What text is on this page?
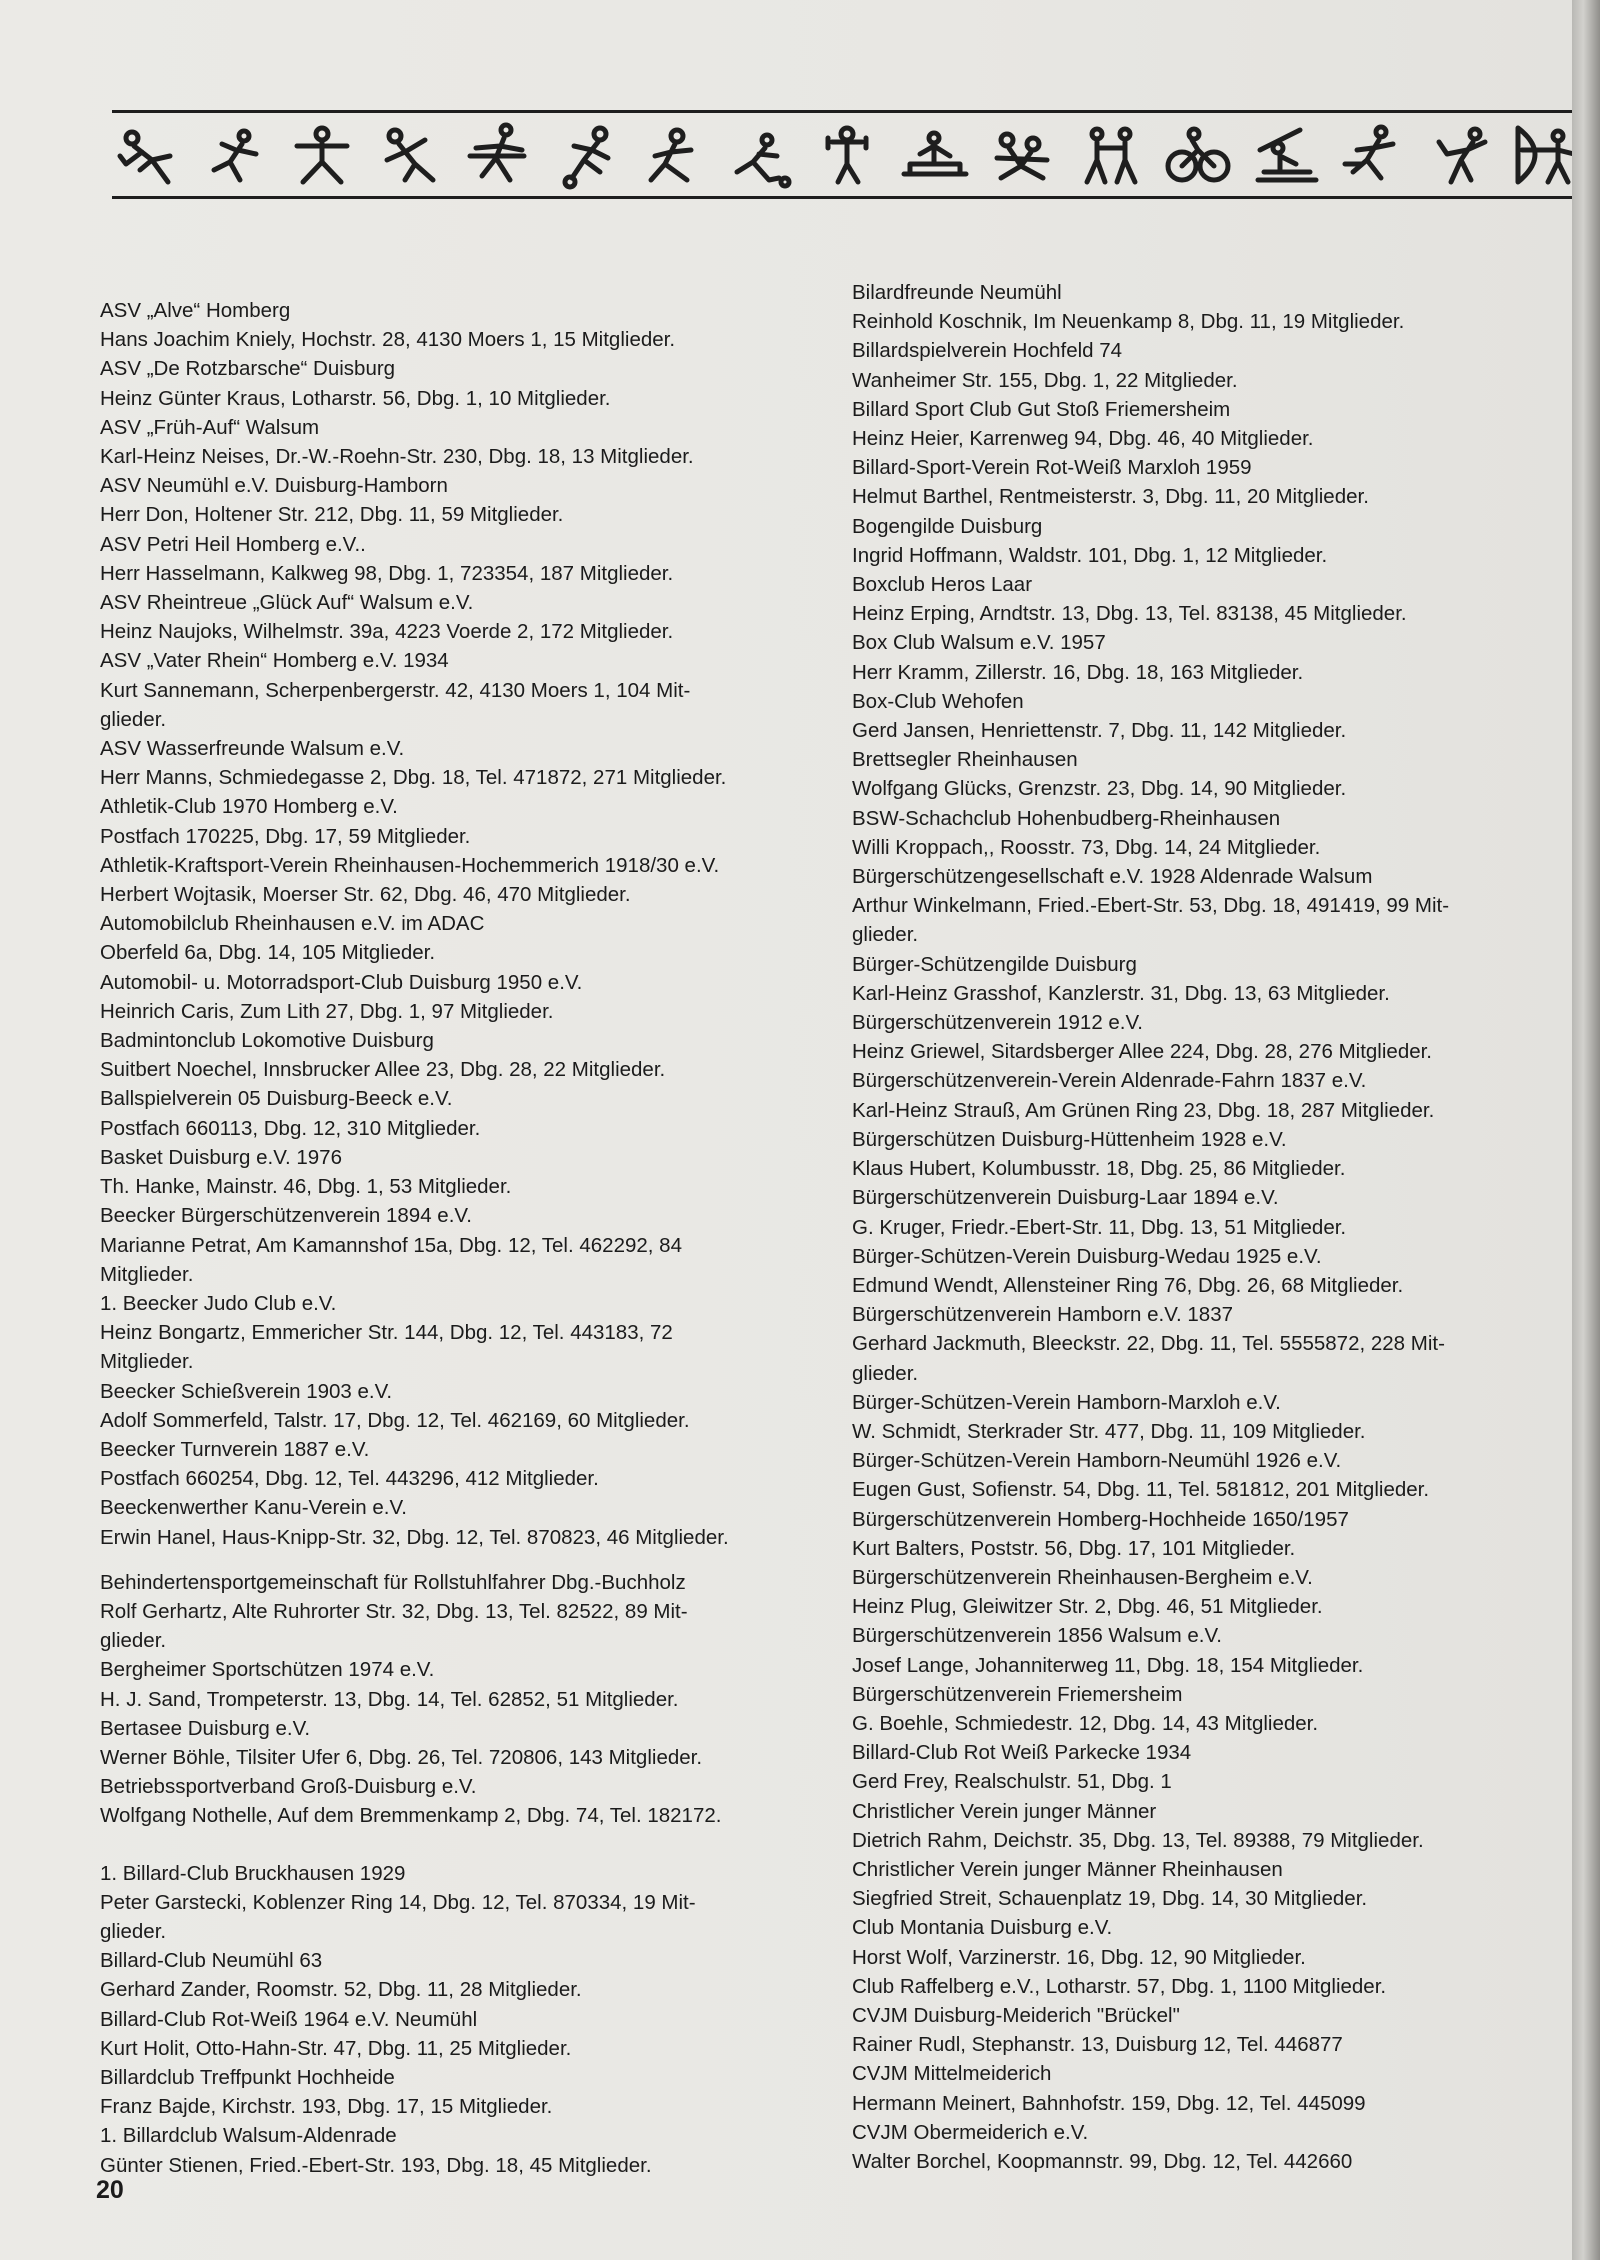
ASV „Alve“ Homberg
Hans Joachim Kniely, Hochstr. 28, 4130 Moers 1, 15 Mitglieder.
ASV „De Rotzbarsche“ Duisburg
Heinz Günter Kraus, Lotharstr. 56, Dbg. 1, 10 Mitglieder.
ASV „Früh-Auf“ Walsum
Karl-Heinz Neises, Dr.-W.-Roehn-Str. 230, Dbg. 18, 13 Mitglieder.
ASV Neumühl e.V. Duisburg-Hamborn
Herr Don, Holtener Str. 212, Dbg. 11, 59 Mitglieder.
ASV Petri Heil Homberg e.V..
Herr Hasselmann, Kalkweg 98, Dbg. 1, 723354, 187 Mitglieder.
ASV Rheintreue „Glück Auf“ Walsum e.V.
Heinz Naujoks, Wilhelmstr. 39a, 4223 Voerde 2, 172 Mitglieder.
ASV „Vater Rhein“ Homberg e.V. 1934
Kurt Sannemann, Scherpenbergerstr. 42, 4130 Moers 1, 104 Mit-
glieder.
ASV Wasserfreunde Walsum e.V.
Herr Manns, Schmiedegasse 2, Dbg. 18, Tel. 471872, 271 Mitglieder.
Athletik-Club 1970 Homberg e.V.
Postfach 170225, Dbg. 17, 59 Mitglieder.
Athletik-Kraftsport-Verein Rheinhausen-Hochemmerich 1918/30 e.V.
Herbert Wojtasik, Moerser Str. 62, Dbg. 46, 470 Mitglieder.
Automobilclub Rheinhausen e.V. im ADAC
Oberfeld 6a, Dbg. 14, 105 Mitglieder.
Automobil- u. Motorradsport-Club Duisburg 1950 e.V.
Heinrich Caris, Zum Lith 27, Dbg. 1, 97 Mitglieder.
Badmintonclub Lokomotive Duisburg
Suitbert Noechel, Innsbrucker Allee 23, Dbg. 28, 22 Mitglieder.
Ballspielverein 05 Duisburg-Beeck e.V.
Postfach 660113, Dbg. 12, 310 Mitglieder.
Basket Duisburg e.V. 1976
Th. Hanke, Mainstr. 46, Dbg. 1, 53 Mitglieder.
Beecker Bürgerschützenverein 1894 e.V.
Marianne Petrat, Am Kamannshof 15a, Dbg. 12, Tel. 462292, 84
Mitglieder.
1. Beecker Judo Club e.V.
Heinz Bongartz, Emmericher Str. 144, Dbg. 12, Tel. 443183, 72
Mitglieder.
Beecker Schießverein 1903 e.V.
Adolf Sommerfeld, Talstr. 17, Dbg. 12, Tel. 462169, 60 Mitglieder.
Beecker Turnverein 1887 e.V.
Postfach 660254, Dbg. 12, Tel. 443296, 412 Mitglieder.
Beeckenwerther Kanu-Verein e.V.
Erwin Hanel, Haus-Knipp-Str. 32, Dbg. 12, Tel. 870823, 46 Mitglieder.
Behindertensportgemeinschaft für Rollstuhlfahrer Dbg.-Buchholz
Rolf Gerhartz, Alte Ruhrorter Str. 32, Dbg. 13, Tel. 82522, 89 Mit-
glieder.
Bergheimer Sportschützen 1974 e.V.
H. J. Sand, Trompeterstr. 13, Dbg. 14, Tel. 62852, 51 Mitglieder.
Bertasee Duisburg e.V.
Werner Böhle, Tilsiter Ufer 6, Dbg. 26, Tel. 720806, 143 Mitglieder.
Betriebssportverband Groß-Duisburg e.V.
Wolfgang Nothelle, Auf dem Bremmenkamp 2, Dbg. 74, Tel. 182172.
1. Billard-Club Bruckhausen 1929
Peter Garstecki, Koblenzer Ring 14, Dbg. 12, Tel. 870334, 19 Mit-
glieder.
Billard-Club Neumühl 63
Gerhard Zander, Roomstr. 52, Dbg. 11, 28 Mitglieder.
Billard-Club Rot-Weiß 1964 e.V. Neumühl
Kurt Holit, Otto-Hahn-Str. 47, Dbg. 11, 25 Mitglieder.
Billardclub Treffpunkt Hochheide
Franz Bajde, Kirchstr. 193, Dbg. 17, 15 Mitglieder.
1. Billardclub Walsum-Aldenrade
Günter Stienen, Fried.-Ebert-Str. 193, Dbg. 18, 45 Mitglieder.
Bilardfreunde Neumühl
Reinhold Koschnik, Im Neuenkamp 8, Dbg. 11, 19 Mitglieder.
Billardspielverein Hochfeld 74
Wanheimer Str. 155, Dbg. 1, 22 Mitglieder.
Billard Sport Club Gut Stoß Friemersheim
Heinz Heier, Karrenweg 94, Dbg. 46, 40 Mitglieder.
Billard-Sport-Verein Rot-Weiß Marxloh 1959
Helmut Barthel, Rentmeisterstr. 3, Dbg. 11, 20 Mitglieder.
Bogengilde Duisburg
Ingrid Hoffmann, Waldstr. 101, Dbg. 1, 12 Mitglieder.
Boxclub Heros Laar
Heinz Erping, Arndtstr. 13, Dbg. 13, Tel. 83138, 45 Mitglieder.
Box Club Walsum e.V. 1957
Herr Kramm, Zillerstr. 16, Dbg. 18, 163 Mitglieder.
Box-Club Wehofen
Gerd Jansen, Henriettenstr. 7, Dbg. 11, 142 Mitglieder.
Brettsegler Rheinhausen
Wolfgang Glücks, Grenzstr. 23, Dbg. 14, 90 Mitglieder.
BSW-Schachclub Hohenbudberg-Rheinhausen
Willi Kroppach,, Roosstr. 73, Dbg. 14, 24 Mitglieder.
Bürgerschützengesellschaft e.V. 1928 Aldenrade Walsum
Arthur Winkelmann, Fried.-Ebert-Str. 53, Dbg. 18, 491419, 99 Mit-
glieder.
Bürger-Schützengilde Duisburg
Karl-Heinz Grasshof, Kanzlerstr. 31, Dbg. 13, 63 Mitglieder.
Bürgerschützenverein 1912 e.V.
Heinz Griewel, Sitardsberger Allee 224, Dbg. 28, 276 Mitglieder.
Bürgerschützenverein-Verein Aldenrade-Fahrn 1837 e.V.
Karl-Heinz Strauß, Am Grünen Ring 23, Dbg. 18, 287 Mitglieder.
Bürgerschützen Duisburg-Hüttenheim 1928 e.V.
Klaus Hubert, Kolumbusstr. 18, Dbg. 25, 86 Mitglieder.
Bürgerschützenverein Duisburg-Laar 1894 e.V.
G. Kruger, Friedr.-Ebert-Str. 11, Dbg. 13, 51 Mitglieder.
Bürger-Schützen-Verein Duisburg-Wedau 1925 e.V.
Edmund Wendt, Allensteiner Ring 76, Dbg. 26, 68 Mitglieder.
Bürgerschützenverein Hamborn e.V. 1837
Gerhard Jackmuth, Bleeckstr. 22, Dbg. 11, Tel. 5555872, 228 Mit-
glieder.
Bürger-Schützen-Verein Hamborn-Marxloh e.V.
W. Schmidt, Sterkrader Str. 477, Dbg. 11, 109 Mitglieder.
Bürger-Schützen-Verein Hamborn-Neumühl 1926 e.V.
Eugen Gust, Sofienstr. 54, Dbg. 11, Tel. 581812, 201 Mitglieder.
Bürgerschützenverein Homberg-Hochheide 1650/1957
Kurt Balters, Poststr. 56, Dbg. 17, 101 Mitglieder.
Bürgerschützenverein Rheinhausen-Bergheim e.V.
Heinz Plug, Gleiwitzer Str. 2, Dbg. 46, 51 Mitglieder.
Bürgerschützenverein 1856 Walsum e.V.
Josef Lange, Johanniterweg 11, Dbg. 18, 154 Mitglieder.
Bürgerschützenverein Friemersheim
G. Boehle, Schmiedestr. 12, Dbg. 14, 43 Mitglieder.
Billard-Club Rot Weiß Parkecke 1934
Gerd Frey, Realschulstr. 51, Dbg. 1
Christlicher Verein junger Männer
Dietrich Rahm, Deichstr. 35, Dbg. 13, Tel. 89388, 79 Mitglieder.
Christlicher Verein junger Männer Rheinhausen
Siegfried Streit, Schauenplatz 19, Dbg. 14, 30 Mitglieder.
Club Montania Duisburg e.V.
Horst Wolf, Varzinerstr. 16, Dbg. 12, 90 Mitglieder.
Club Raffelberg e.V., Lotharstr. 57, Dbg. 1, 1100 Mitglieder.
CVJM Duisburg-Meiderich "Brückel"
Rainer Rudl, Stephanstr. 13, Duisburg 12, Tel. 446877
CVJM Mittelmeiderich
Hermann Meinert, Bahnhofstr. 159, Dbg. 12, Tel. 445099
CVJM Obermeiderich e.V.
Walter Borchel, Koopmannstr. 99, Dbg. 12, Tel. 442660
20
